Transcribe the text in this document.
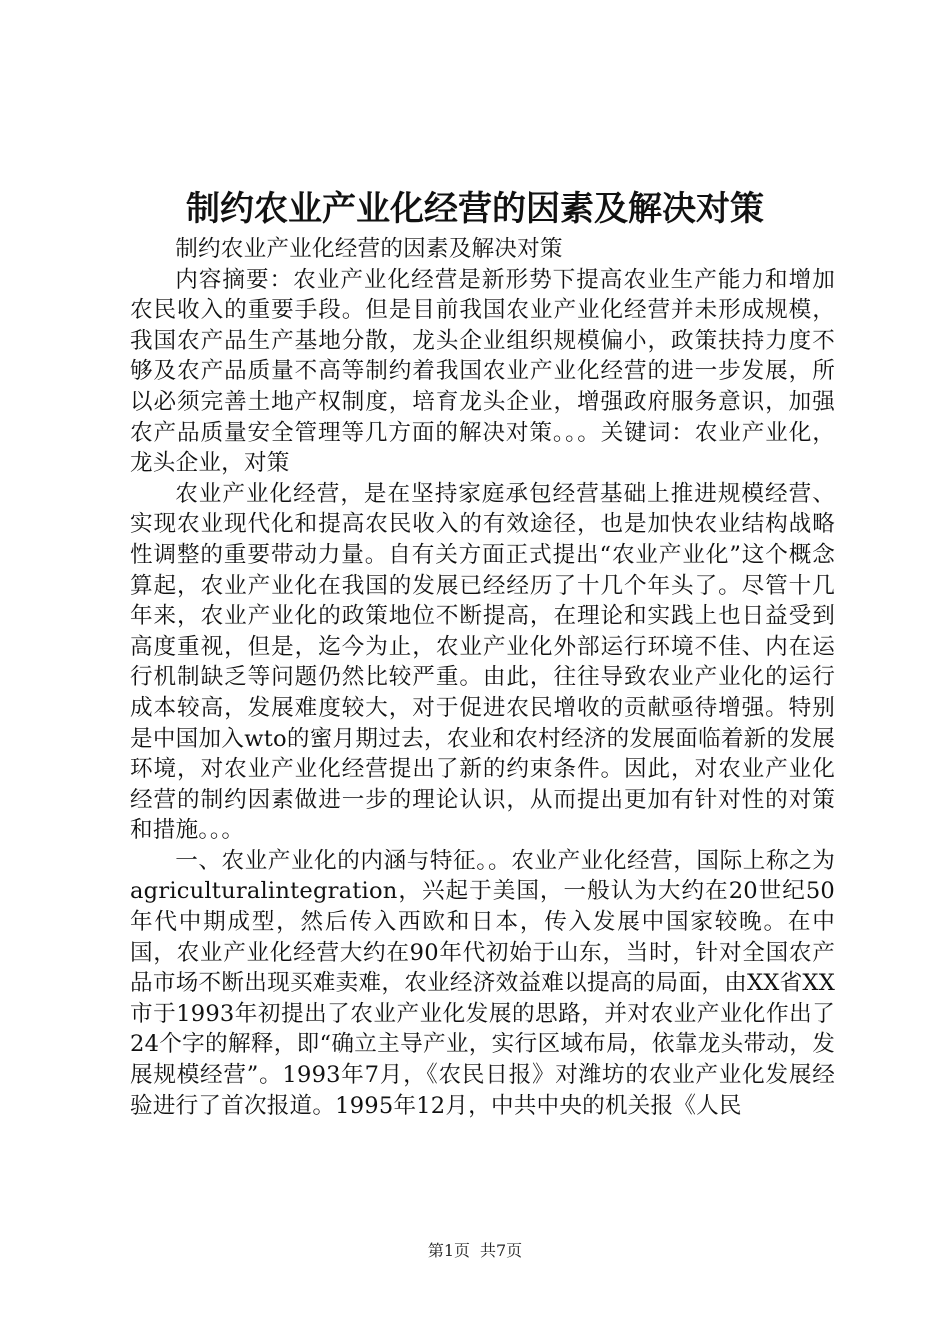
制约农业产业化经营的因素及解决对策

制约农业产业化经营的因素及解决对策

内容摘要：农业产业化经营是新形势下提高农业生产能力和增加农民收入的重要手段。但是目前我国农业产业化经营并未形成规模，我国农产品生产基地分散，龙头企业组织规模偏小，政策扶持力度不够及农产品质量不高等制约着我国农业产业化经营的进一步发展，所以必须完善土地产权制度，培育龙头企业，增强政府服务意识，加强农产品质量安全管理等几方面的解决对策。。。关键词：农业产业化，龙头企业，对策

农业产业化经营，是在坚持家庭承包经营基础上推进规模经营、实现农业现代化和提高农民收入的有效途径，也是加快农业结构战略性调整的重要带动力量。自有关方面正式提出“农业产业化”这个概念算起，农业产业化在我国的发展已经经历了十几个年头了。尽管十几年来，农业产业化的政策地位不断提高，在理论和实践上也日益受到高度重视，但是，迄今为止，农业产业化外部运行环境不佳、内在运行机制缺乏等问题仍然比较严重。由此，往往导致农业产业化的运行成本较高，发展难度较大，对于促进农民增收的贡献亟待增强。特别是中国加入wto的蜜月期过去，农业和农村经济的发展面临着新的发展环境，对农业产业化经营提出了新的约束条件。因此，对农业产业化经营的制约因素做进一步的理论认识，从而提出更加有针对性的对策和措施。。。

一、农业产业化的内涵与特征。。农业产业化经营，国际上称之为agriculturalintegration，兴起于美国，一般认为大约在20世纪50年代中期成型，然后传入西欧和日本，传入发展中国家较晚。在中国，农业产业化经营大约在90年代初始于山东，当时，针对全国农产品市场不断出现买难卖难，农业经济效益难以提高的局面，由XX省XX市于1993年初提出了农业产业化发展的思路，并对农业产业化作出了24个字的解释，即“确立主导产业，实行区域布局，依靠龙头带动，发展规模经营”。1993年7月，《农民日报》对潍坊的农业产业化发展经验进行了首次报道。1995年12月，中共中央的机关报《人民

第1页 共7页
